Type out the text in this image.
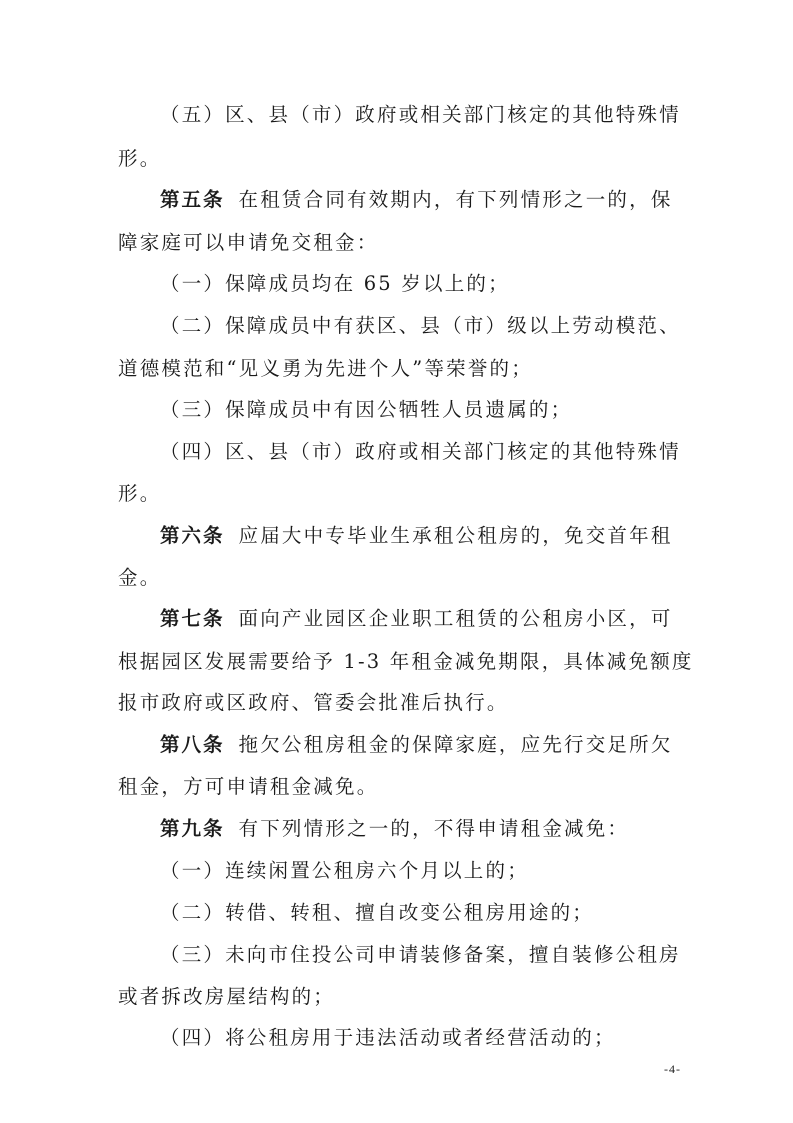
（五）区、县（市）政府或相关部门核定的其他特殊情
形。
第五条 在租赁合同有效期内，有下列情形之一的，保
障家庭可以申请免交租金：
（一）保障成员均在 65 岁以上的；
（二）保障成员中有获区、县（市）级以上劳动模范、
道德模范和“见义勇为先进个人”等荣誉的；
（三）保障成员中有因公牺牲人员遗属的；
（四）区、县（市）政府或相关部门核定的其他特殊情
形。
第六条 应届大中专毕业生承租公租房的，免交首年租
金。
第七条 面向产业园区企业职工租赁的公租房小区，可
根据园区发展需要给予 1-3 年租金减免期限，具体减免额度
报市政府或区政府、管委会批准后执行。
第八条 拖欠公租房租金的保障家庭，应先行交足所欠
租金，方可申请租金减免。
第九条 有下列情形之一的，不得申请租金减免：
（一）连续闲置公租房六个月以上的；
（二）转借、转租、擅自改变公租房用途的；
（三）未向市住投公司申请装修备案，擅自装修公租房
或者拆改房屋结构的；
（四）将公租房用于违法活动或者经营活动的；
-4-
